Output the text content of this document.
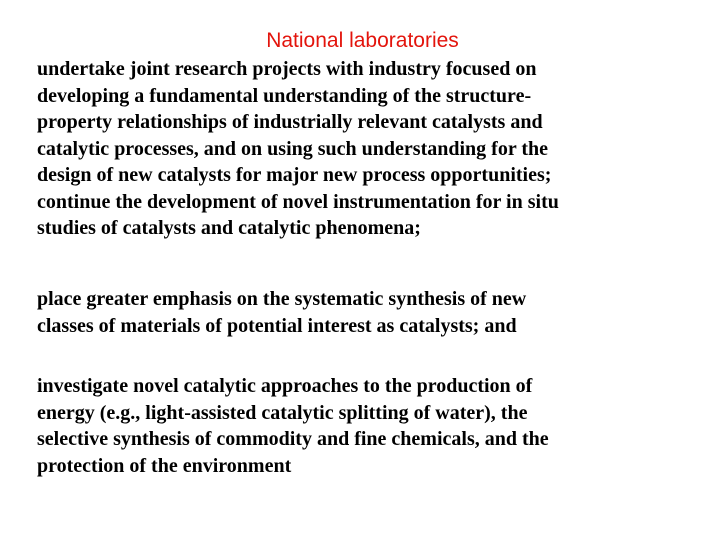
National laboratories
undertake joint research projects with industry focused on
developing a fundamental understanding of the structure-
property relationships of industrially relevant catalysts and
catalytic processes, and on using such understanding for the
design of new catalysts for major new process opportunities;
continue the development of novel instrumentation for in situ
studies of catalysts and catalytic phenomena;
place greater emphasis on the systematic synthesis of new
classes of materials of potential interest as catalysts; and
investigate novel catalytic approaches to the production of
energy (e.g., light-assisted catalytic splitting of water), the
selective synthesis of commodity and fine chemicals, and the
protection of the environment
